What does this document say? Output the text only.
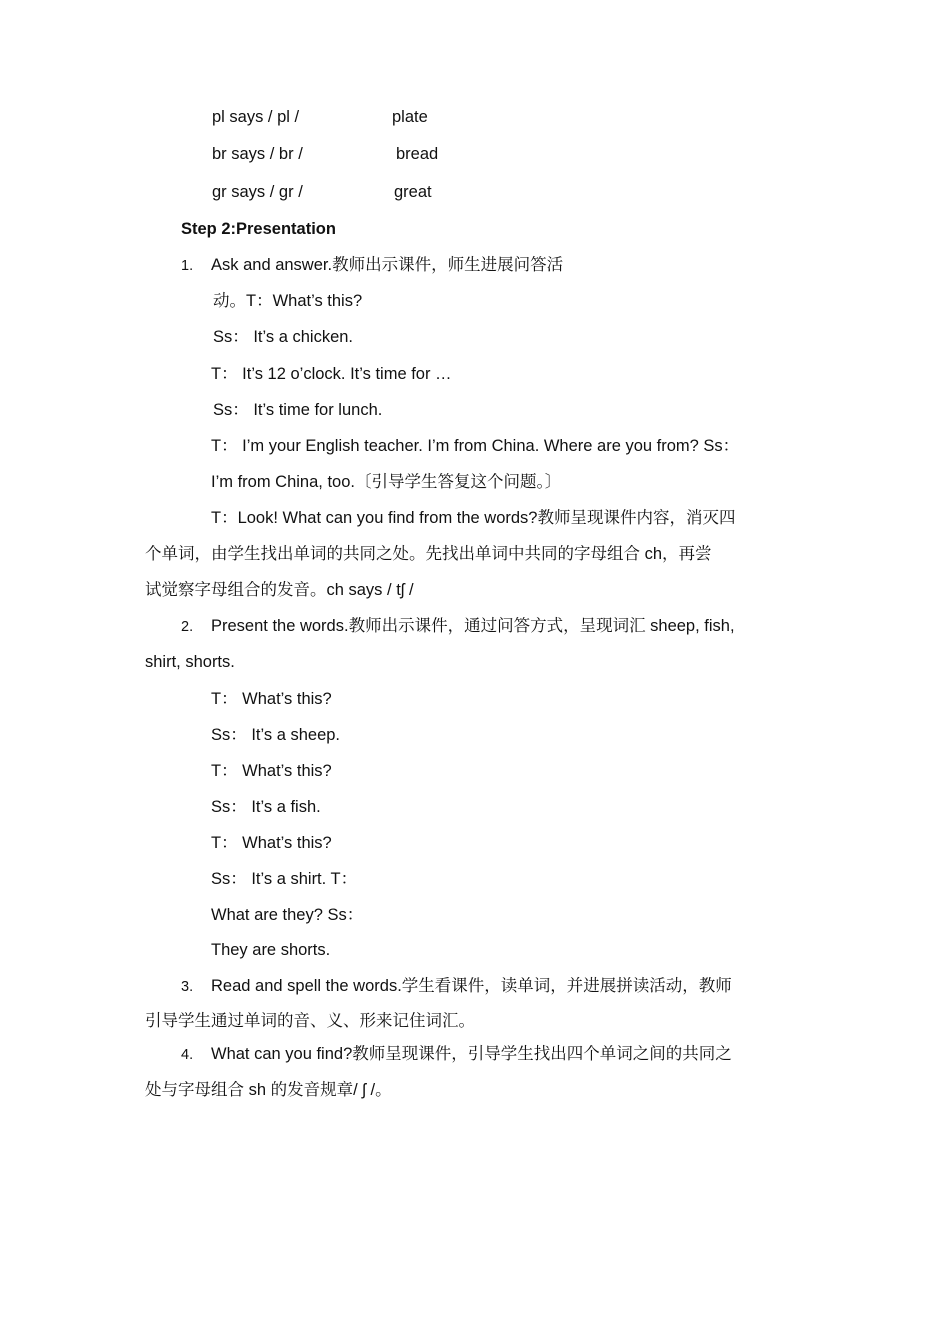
pl says / pl /	plate
br says / br /	bread
gr says / gr /	great
Step 2:Presentation
1. Ask and answer.教师出示课件，师生进展问答活
动。T：What’s this?
Ss： It’s a chicken.
T： It’s 12 o’clock. It’s time for …
Ss： It’s time for lunch.
T： I’m your English teacher. I’m from China. Where are you from? Ss：
I’m from China, too.〔引导学生答复这个问题。〕
T：Look! What can you find from the words?教师呈现课件内容，消灭四
个单词，由学生找出单词的共同之处。先找出单词中共同的字母组合 ch，再尝
试觉察字母组合的发音。ch says / tʃ /
2. Present the words.教师出示课件，通过问答方式，呈现词汇 sheep, fish,
shirt, shorts.
T： What’s this?
Ss： It’s a sheep.
T： What’s this?
Ss： It’s a fish.
T： What’s this?
Ss： It’s a shirt. T：
What are they? Ss：
They are shorts.
3. Read and spell the words.学生看课件，读单词，并进展拼读活动，教师
引导学生通过单词的音、义、形来记住词汇。
4. What can you find?教师呈现课件，引导学生找出四个单词之间的共同之
处与字母组合 sh 的发音规章/ ʃ /。
